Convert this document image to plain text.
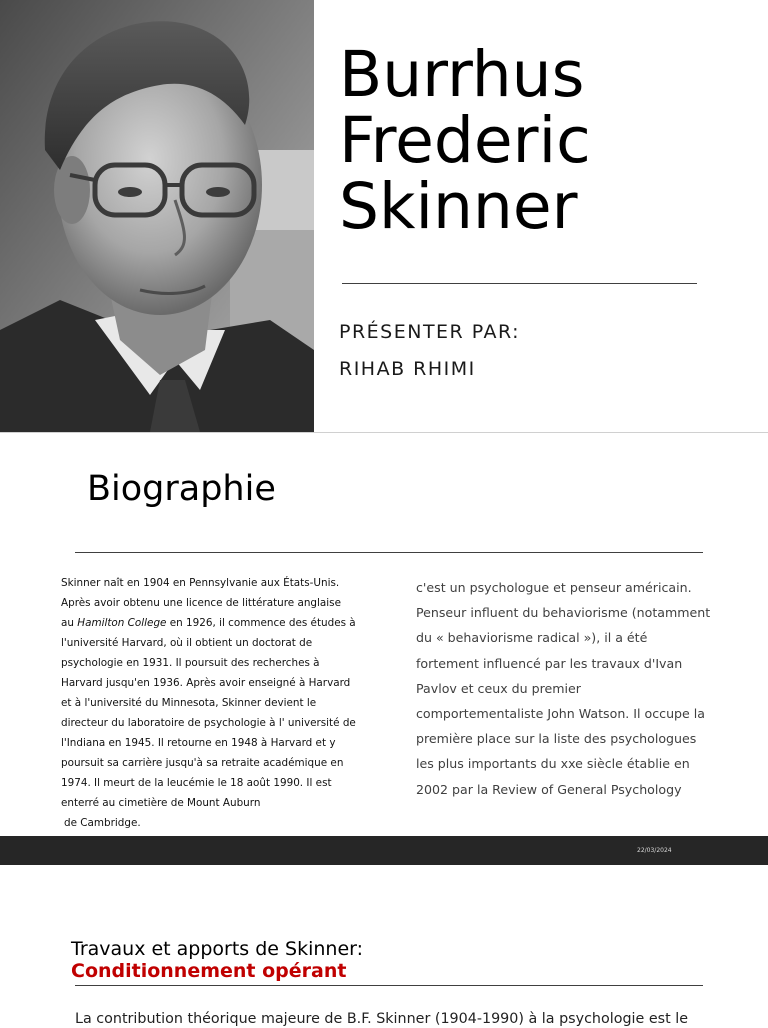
Burrhus
Frederic
Skinner
PRÉSENTER PAR:
RIHAB RHIMI
Biographie

Skinner naît en 1904 en Pennsylvanie aux États-Unis. Après avoir obtenu une licence de littérature anglaise au Hamilton College en 1926, il commence des études à l'université Harvard, où il obtient un doctorat de psychologie en 1931. Il poursuit des recherches à Harvard jusqu'en 1936. Après avoir enseigné à Harvard et à l'université du Minnesota, Skinner devient le directeur du laboratoire de psychologie à l' université de l'Indiana en 1945. Il retourne en 1948 à Harvard et y poursuit sa carrière jusqu'à sa retraite académique en 1974. Il meurt de la leucémie le 18 août 1990. Il est enterré au cimetière de Mount Auburn

de Cambridge.

c'est un psychologue et penseur américain. Penseur influent du behaviorisme (notamment du « behaviorisme radical »), il a été fortement influencé par les travaux d'Ivan Pavlov et ceux du premier comportementaliste John Watson. Il occupe la première place sur la liste des psychologues les plus importants du xxe siècle établie en 2002 par la Review of General Psychology
22/03/2024
Travaux et apports de Skinner:
Conditionnement opérant
La contribution théorique majeure de B.F. Skinner (1904-1990) à la psychologie est le
